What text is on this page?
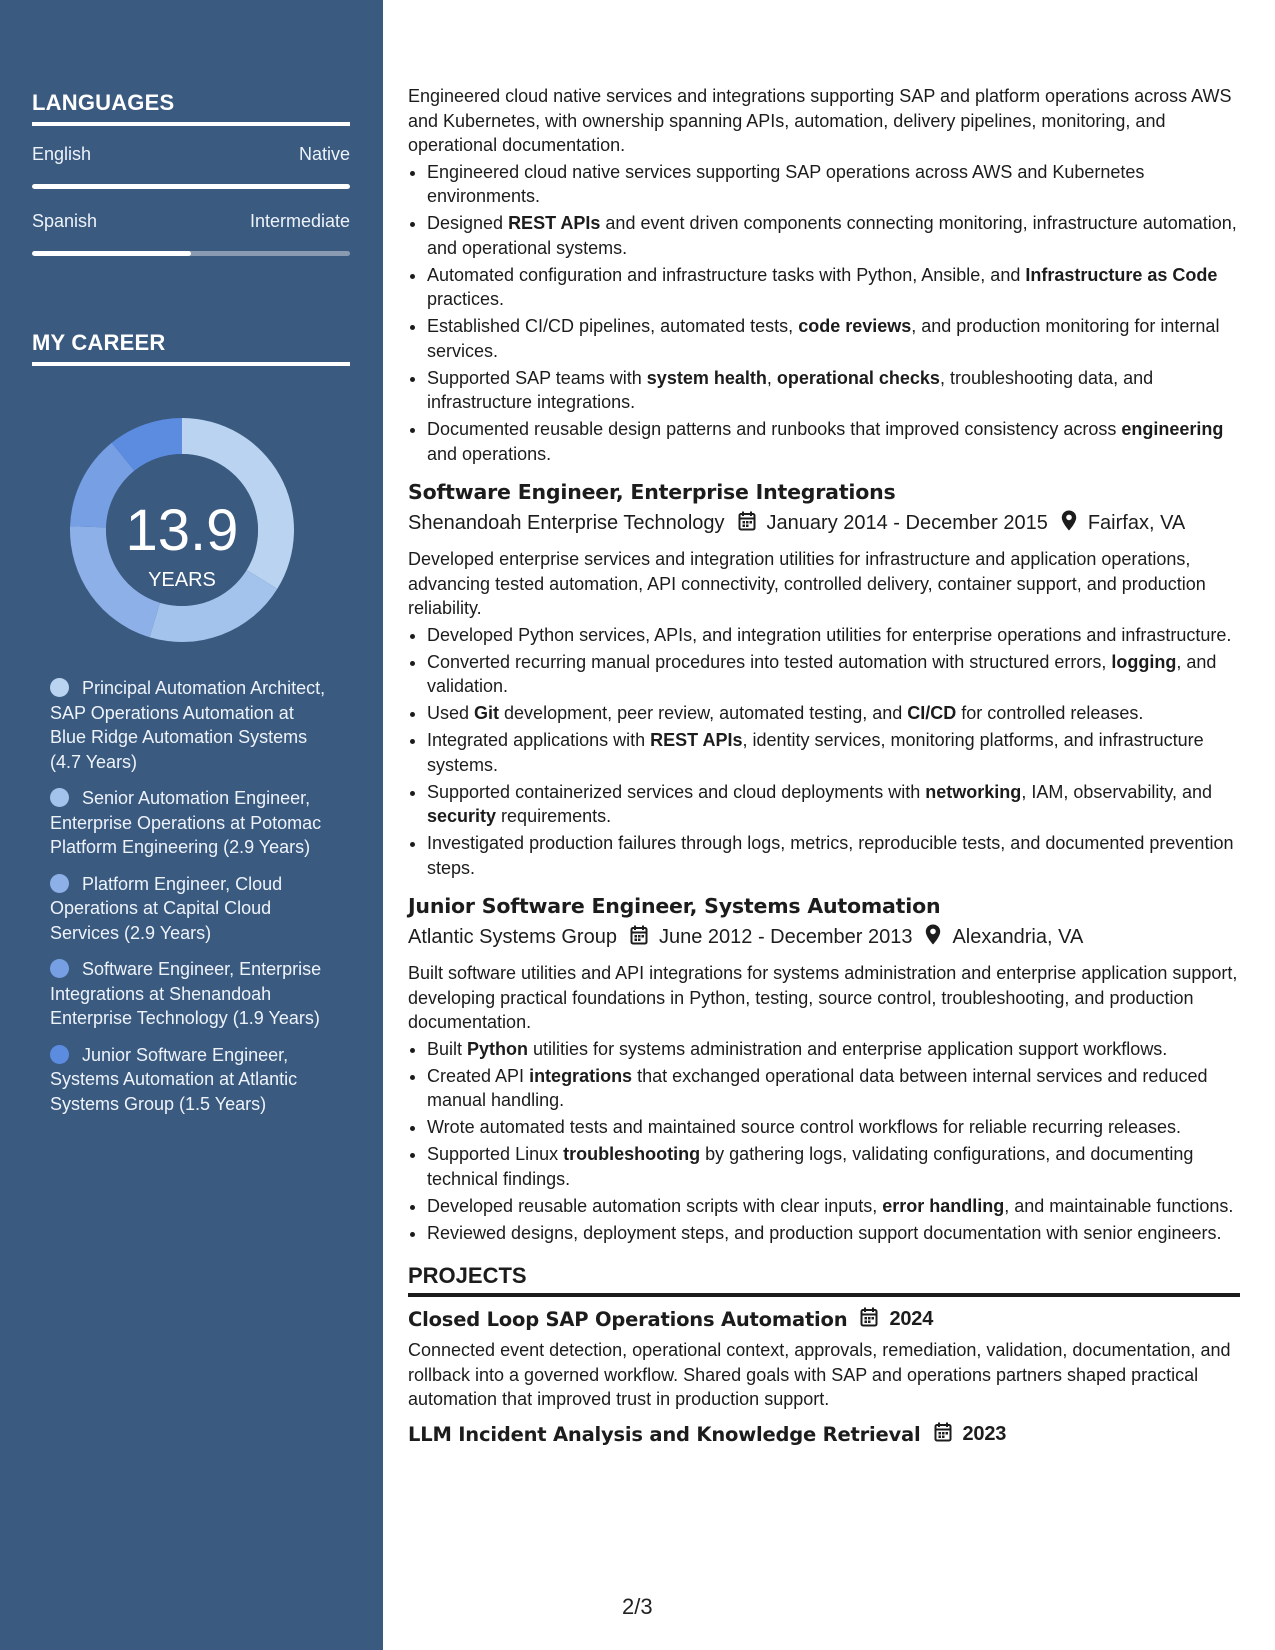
LANGUAGES
English	Native
Spanish	Intermediate
MY CAREER
13.9
YEARS
Principal Automation Architect, SAP Operations Automation at Blue Ridge Automation Systems (4.7 Years)
Senior Automation Engineer, Enterprise Operations at Potomac Platform Engineering (2.9 Years)
Platform Engineer, Cloud Operations at Capital Cloud Services (2.9 Years)
Software Engineer, Enterprise Integrations at Shenandoah Enterprise Technology (1.9 Years)
Junior Software Engineer, Systems Automation at Atlantic Systems Group (1.5 Years)

Engineered cloud native services and integrations supporting SAP and platform operations across AWS and Kubernetes, with ownership spanning APIs, automation, delivery pipelines, monitoring, and operational documentation.

• Engineered cloud native services supporting SAP operations across AWS and Kubernetes environments.
• Designed REST APIs and event driven components connecting monitoring, infrastructure automation, and operational systems.
• Automated configuration and infrastructure tasks with Python, Ansible, and Infrastructure as Code practices.
• Established CI/CD pipelines, automated tests, code reviews, and production monitoring for internal services.
• Supported SAP teams with system health, operational checks, troubleshooting data, and infrastructure integrations.
• Documented reusable design patterns and runbooks that improved consistency across engineering and operations.
Software Engineer, Enterprise Integrations
Shenandoah Enterprise Technology January 2014 - December 2015 Fairfax, VA

Developed enterprise services and integration utilities for infrastructure and application operations, advancing tested automation, API connectivity, controlled delivery, container support, and production reliability.

• Developed Python services, APIs, and integration utilities for enterprise operations and infrastructure.
• Converted recurring manual procedures into tested automation with structured errors, logging, and validation.
• Used Git development, peer review, automated testing, and CI/CD for controlled releases.
• Integrated applications with REST APIs, identity services, monitoring platforms, and infrastructure systems.
• Supported containerized services and cloud deployments with networking, IAM, observability, and security requirements.
• Investigated production failures through logs, metrics, reproducible tests, and documented prevention steps.
Junior Software Engineer, Systems Automation
Atlantic Systems Group June 2012 - December 2013 Alexandria, VA

Built software utilities and API integrations for systems administration and enterprise application support, developing practical foundations in Python, testing, source control, troubleshooting, and production documentation.

• Built Python utilities for systems administration and enterprise application support workflows.
• Created API integrations that exchanged operational data between internal services and reduced manual handling.
• Wrote automated tests and maintained source control workflows for reliable recurring releases.
• Supported Linux troubleshooting by gathering logs, validating configurations, and documenting technical findings.
• Developed reusable automation scripts with clear inputs, error handling, and maintainable functions.
• Reviewed designs, deployment steps, and production support documentation with senior engineers.
PROJECTS
Closed Loop SAP Operations Automation 2024

Connected event detection, operational context, approvals, remediation, validation, documentation, and rollback into a governed workflow. Shared goals with SAP and operations partners shaped practical automation that improved trust in production support.

LLM Incident Analysis and Knowledge Retrieval 2023
2/3
